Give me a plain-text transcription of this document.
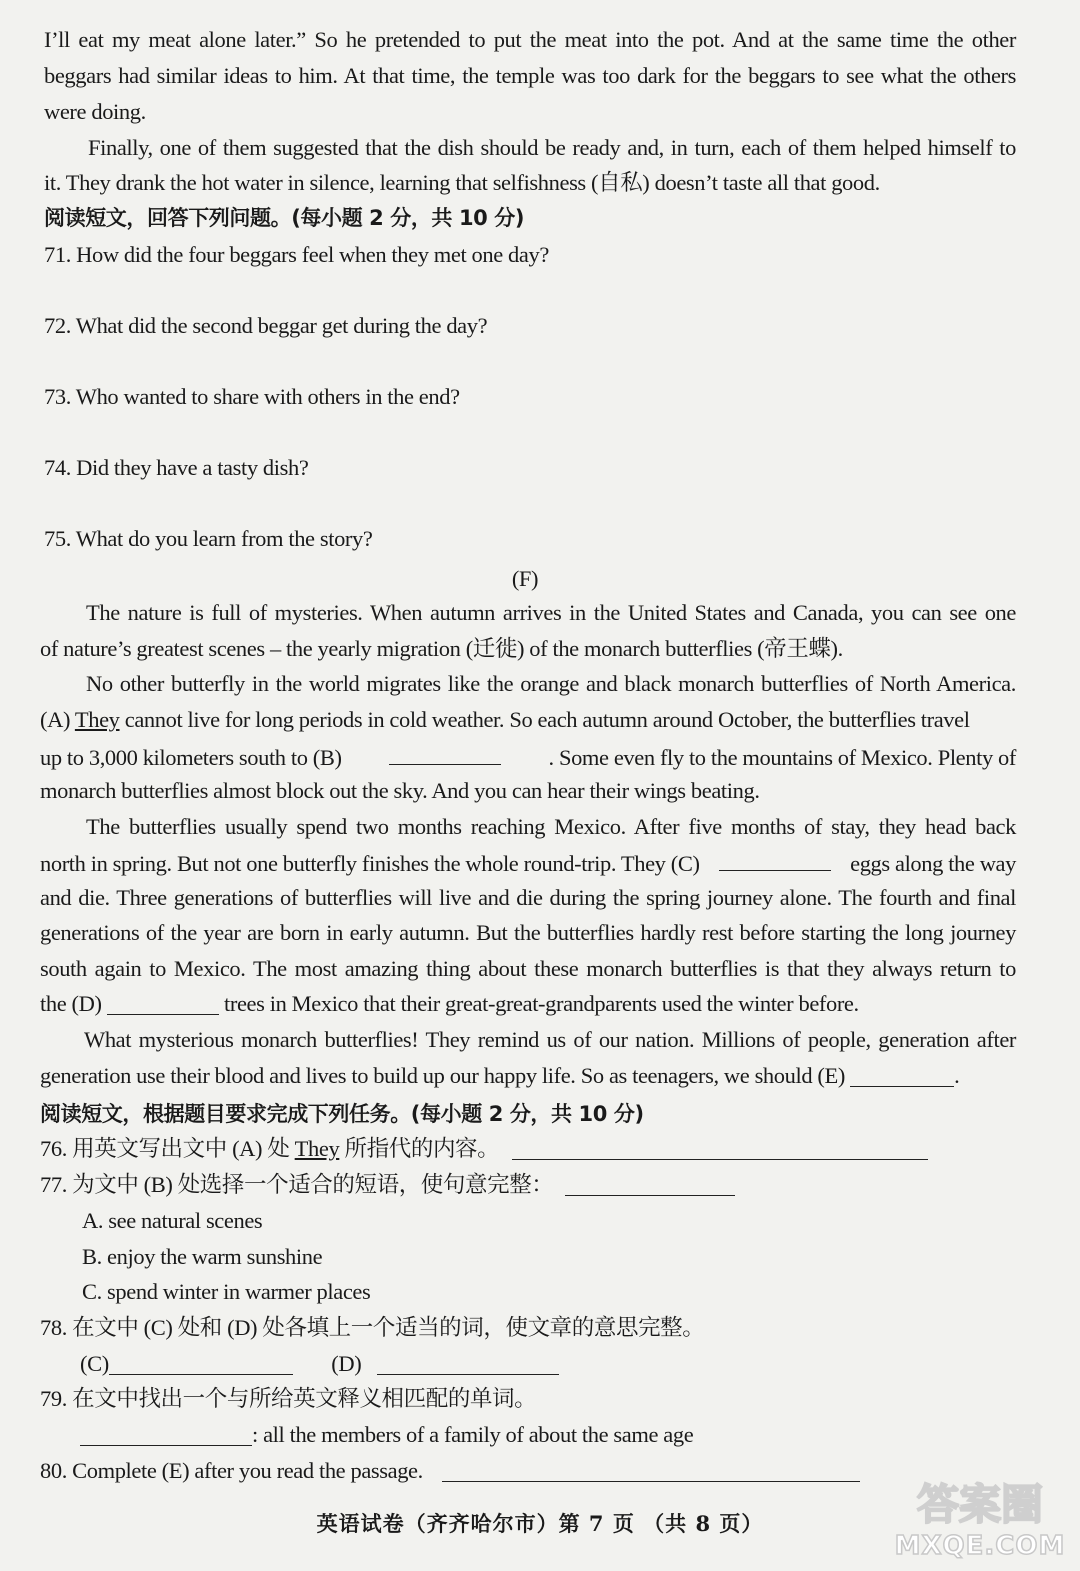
I’ll eat my meat alone later.” So he pretended to put the meat into the pot. And at the same time the other
beggars had similar ideas to him. At that time, the temple was too dark for the beggars to see what the others
were doing.
Finally, one of them suggested that the dish should be ready and, in turn, each of them helped himself to
it. They drank the hot water in silence, learning that selfishness (自私) doesn’t taste all that good.
阅读短文，回答下列问题。(每小题 2 分，共 10 分)
71. How did the four beggars feel when they met one day?
72. What did the second beggar get during the day?
73. Who wanted to share with others in the end?
74. Did they have a tasty dish?
75. What do you learn from the story?
(F)
The nature is full of mysteries. When autumn arrives in the United States and Canada, you can see one
of nature’s greatest scenes – the yearly migration (迁徙) of the monarch butterflies (帝王蝶).
No other butterfly in the world migrates like the orange and black monarch butterflies of North America.
(A) They cannot live for long periods in cold weather. So each autumn around October, the butterflies travel
up to 3,000 kilometers south to (B)	. Some even fly to the mountains of Mexico. Plenty of
monarch butterflies almost block out the sky. And you can hear their wings beating.
The butterflies usually spend two months reaching Mexico. After five months of stay, they head back
north in spring. But not one butterfly finishes the whole round-trip. They (C)	eggs along the way
and die. Three generations of butterflies will live and die during the spring journey alone. The fourth and final
generations of the year are born in early autumn. But the butterflies hardly rest before starting the long journey
south again to Mexico. The most amazing thing about these monarch butterflies is that they always return to
the (D)	trees in Mexico that their great-great-grandparents used the winter before.
What mysterious monarch butterflies! They remind us of our nation. Millions of people, generation after
generation use their blood and lives to build up our happy life. So as teenagers, we should (E)	.
阅读短文，根据题目要求完成下列任务。(每小题 2 分，共 10 分)
76. 用英文写出文中 (A) 处 They 所指代的内容。
77. 为文中 (B) 处选择一个适合的短语，使句意完整：
A. see natural scenes
B. enjoy the warm sunshine
C. spend winter in warmer places
78. 在文中 (C) 处和 (D) 处各填上一个适当的词，使文章的意思完整。
(C)	(D)
79. 在文中找出一个与所给英文释义相匹配的单词。
: all the members of a family of about the same age
80. Complete (E) after you read the passage.
英语试卷（齐齐哈尔市）第 7 页 （共 8 页）	答案圈
MXQE.COM
